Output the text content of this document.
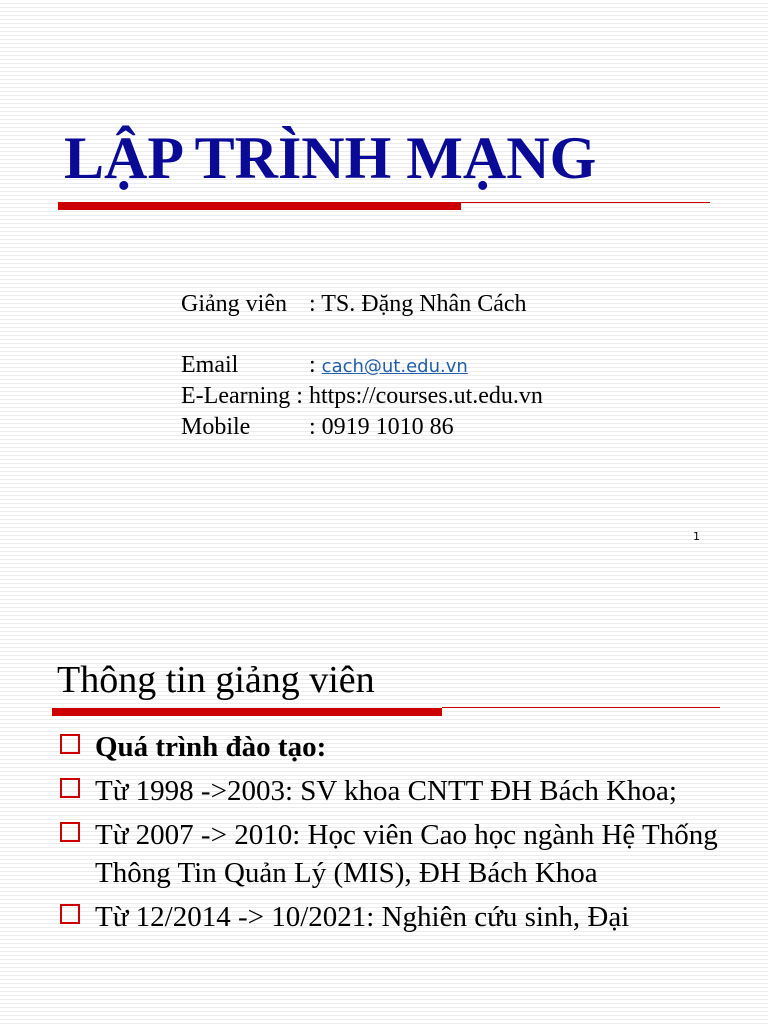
LẬP TRÌNH MẠNG
Giảng viên : TS. Đặng Nhân Cách
Email	: cach@ut.edu.vn
E-Learning : https://courses.ut.edu.vn
Mobile : 0919 1010 86
1
Thông tin giảng viên
Quá trình đào tạo:
Từ 1998 ->2003: SV khoa CNTT ĐH Bách Khoa;
Từ 2007 -> 2010: Học viên Cao học ngành Hệ Thống Thông Tin Quản Lý (MIS), ĐH Bách Khoa
Từ 12/2014 -> 10/2021: Nghiên cứu sinh, Đại
